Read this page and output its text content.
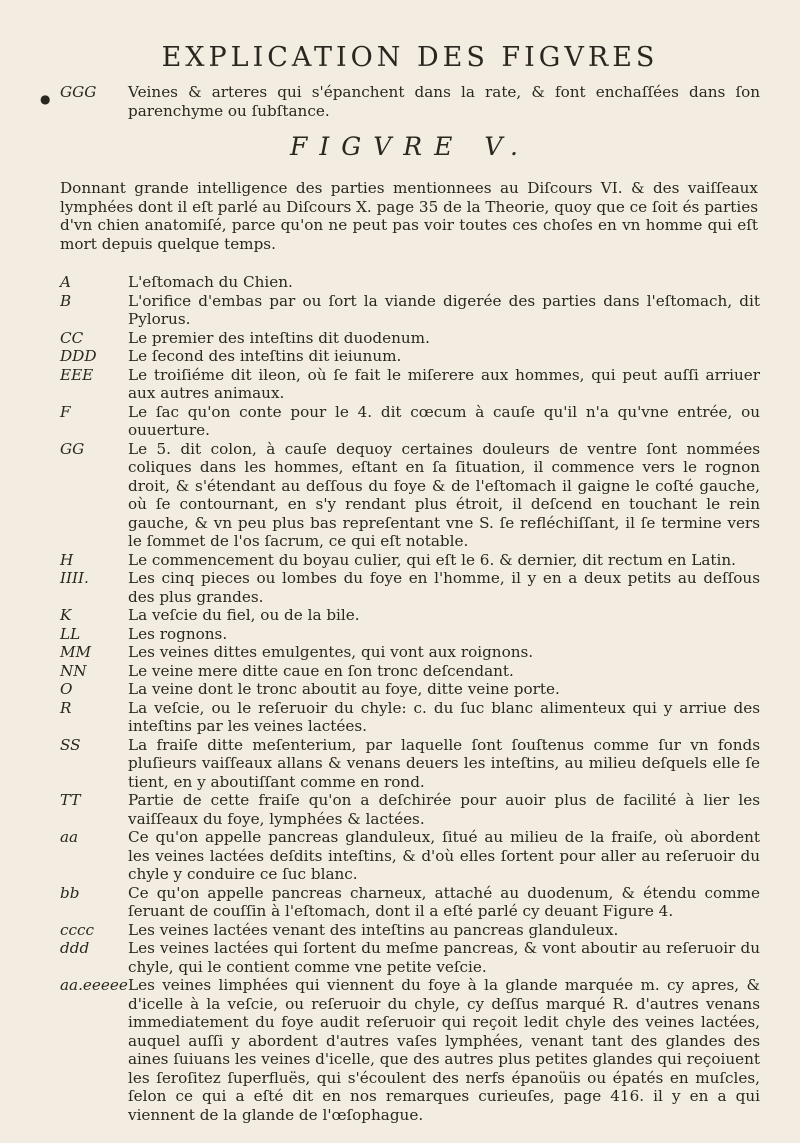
EXPLICATION DES FIGVRES
● GGG	Veines & arteres qui s'épanchent dans la rate, & font enchaſſées dans ſon parenchyme ou ſubſtance.
FIGVRE V.
Donnant grande intelligence des parties mentionnees au Diſcours VI. & des vaiſſeaux lymphées dont il eſt parlé au Diſcours X. page 35 de la Theorie, quoy que ce ſoit és parties d'vn chien anatomiſé, parce qu'on ne peut pas voir toutes ces choſes en vn homme qui eſt mort depuis quelque temps.
A	L'eſtomach du Chien.
B	L'orifice d'embas par ou ſort la viande digerée des parties dans l'eſtomach, dit Pylorus.
CC	Le premier des inteſtins dit duodenum.
DDD	Le ſecond des inteſtins dit ieiunum.
EEE	Le troiſiéme dit ileon, où ſe fait le miſerere aux hommes, qui peut auſſi arriuer aux autres animaux.
F	Le ſac qu'on conte pour le 4. dit cœcum à cauſe qu'il n'a qu'vne entrée, ou ouuerture.
GG	Le 5. dit colon, à cauſe dequoy certaines douleurs de ventre ſont nommées coliques dans les hommes, eſtant en ſa ſituation, il commence vers le rognon droit, & s'étendant au deſſous du foye & de l'eſtomach il gaigne le coſté gauche, où ſe contournant, en s'y rendant plus étroit, il deſcend en touchant le rein gauche, & vn peu plus bas repreſentant vne S. ſe refléchiſſant, il ſe termine vers le ſommet de l'os ſacrum, ce qui eſt notable.
H	Le commencement du boyau culier, qui eſt le 6. & dernier, dit rectum en Latin.
IIII.	Les cinq pieces ou lombes du foye en l'homme, il y en a deux petits au deſſous des plus grandes.
K	La veſcie du fiel, ou de la bile.
LL	Les rognons.
MM	Les veines dittes emulgentes, qui vont aux roignons.
NN	Le veine mere ditte caue en ſon tronc deſcendant.
O	La veine dont le tronc aboutit au foye, ditte veine porte.
R	La veſcie, ou le reſeruoir du chyle: c. du ſuc blanc alimenteux qui y arriue des inteſtins par les veines lactées.
SS	La fraiſe ditte meſenterium, par laquelle ſont ſouſtenus comme ſur vn fonds pluſieurs vaiſſeaux allans & venans deuers les inteſtins, au milieu deſquels elle ſe tient, en y aboutiſſant comme en rond.
TT	Partie de cette fraiſe qu'on a deſchirée pour auoir plus de facilité à lier les vaiſſeaux du foye, lymphées & lactées.
aa	Ce qu'on appelle pancreas glanduleux, ſitué au milieu de la fraiſe, où abordent les veines lactées deſdits inteſtins, & d'où elles ſortent pour aller au reſeruoir du chyle y conduire ce ſuc blanc.
bb	Ce qu'on appelle pancreas charneux, attaché au duodenum, & étendu comme ſeruant de couſſin à l'eſtomach, dont il a eſté parlé cy deuant Figure 4.
cccc	Les veines lactées venant des inteſtins au pancreas glanduleux.
ddd	Les veines lactées qui ſortent du meſme pancreas, & vont aboutir au reſeruoir du chyle, qui le contient comme vne petite veſcie.
aa.eeeee Les veines limphées qui viennent du foye à la glande marquée m. cy apres, & d'icelle à la veſcie, ou reſeruoir du chyle, cy deſſus marqué R. d'autres venans immediatement du foye audit reſeruoir qui reçoit ledit chyle des veines lactées, auquel auſſi y abordent d'autres vaſes lymphées, venant tant des glandes des aines ſuiuans les veines d'icelle, que des autres plus petites glandes qui reçoiuent les ſeroſitez ſuperfluës, qui s'écoulent des nerfs épanoüis ou épatés en muſcles, ſelon ce qui a eſté dit en nos remarques curieuſes, page 416. il y en a qui viennent de la glande de l'œſophague.
